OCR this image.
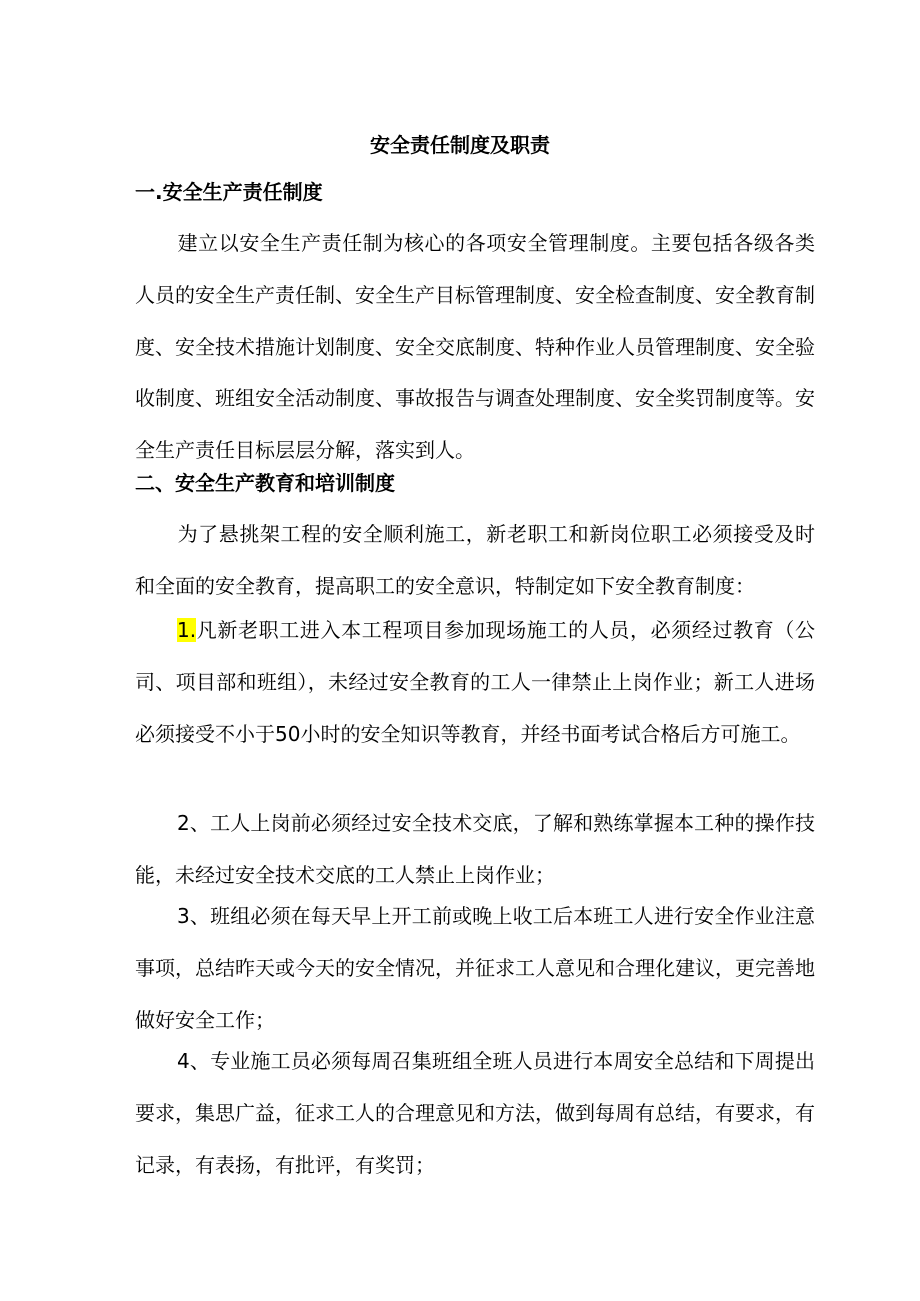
安全责任制度及职责
一.安全生产责任制度
建立以安全生产责任制为核心的各项安全管理制度。主要包括各级各类人员的安全生产责任制、安全生产目标管理制度、安全检查制度、安全教育制度、安全技术措施计划制度、安全交底制度、特种作业人员管理制度、安全验收制度、班组安全活动制度、事故报告与调查处理制度、安全奖罚制度等。安全生产责任目标层层分解，落实到人。
二、安全生产教育和培训制度
为了悬挑架工程的安全顺利施工，新老职工和新岗位职工必须接受及时和全面的安全教育，提高职工的安全意识，特制定如下安全教育制度：
1.凡新老职工进入本工程项目参加现场施工的人员，必须经过教育（公司、项目部和班组），未经过安全教育的工人一律禁止上岗作业；新工人进场必须接受不小于50小时的安全知识等教育，并经书面考试合格后方可施工。
2、工人上岗前必须经过安全技术交底，了解和熟练掌握本工种的操作技能，未经过安全技术交底的工人禁止上岗作业；
3、班组必须在每天早上开工前或晚上收工后本班工人进行安全作业注意事项，总结昨天或今天的安全情况，并征求工人意见和合理化建议，更完善地做好安全工作；
4、专业施工员必须每周召集班组全班人员进行本周安全总结和下周提出要求，集思广益，征求工人的合理意见和方法，做到每周有总结，有要求，有记录，有表扬，有批评，有奖罚；
